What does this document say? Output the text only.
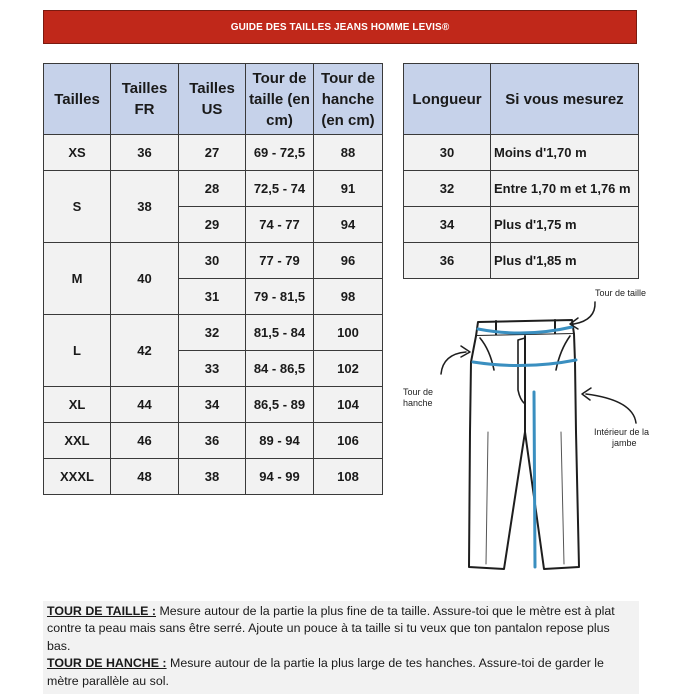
GUIDE DES TAILLES JEANS HOMME LEVIS®
Tailles	Tailles FR	Tailles US	Tour de taille (en cm)	Tour de hanche (en cm)
XS	36	27	69 - 72,5	88
S	38	28	72,5 - 74	91
		29	74 - 77	94
M	40	30	77 - 79	96
		31	79 - 81,5	98
L	42	32	81,5 - 84	100
		33	84 - 86,5	102
XL	44	34	86,5 - 89	104
XXL	46	36	89 - 94	106
XXXL	48	38	94 - 99	108
Longueur	Si vous mesurez
30	Moins d'1,70 m
32	Entre 1,70 m et 1,76 m
34	Plus d'1,75 m
36	Plus d'1,85 m
Tour de taille
Tour de
hanche
Intérieur de la
jambe
TOUR DE TAILLE : Mesure autour de la partie la plus fine de ta taille. Assure-toi que le mètre est à plat contre ta peau mais sans être serré. Ajoute un pouce à ta taille si tu veux que ton pantalon repose plus bas.
TOUR DE HANCHE : Mesure autour de la partie la plus large de tes hanches. Assure-toi de garder le mètre parallèle au sol.
